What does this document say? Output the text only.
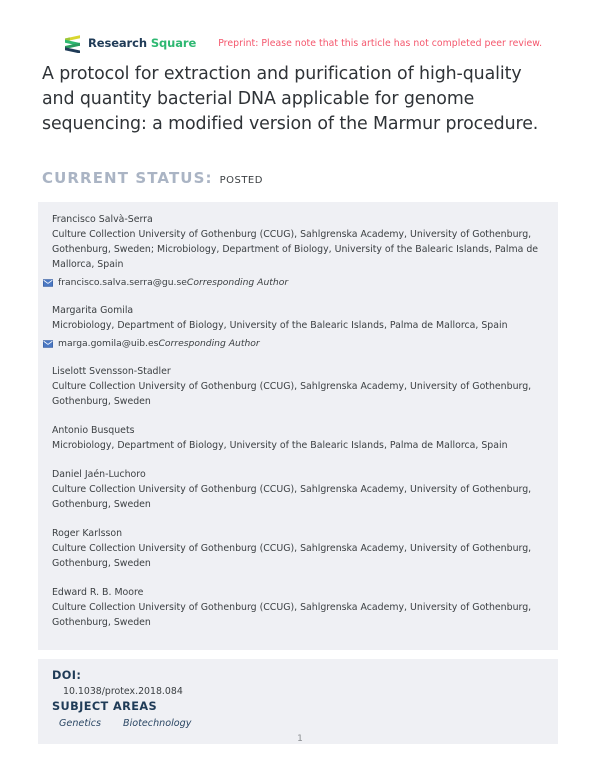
Research Square Preprint: Please note that this article has not completed peer review.
A protocol for extraction and purification of high-quality and quantity bacterial DNA applicable for genome sequencing: a modified version of the Marmur procedure.
CURRENT STATUS: POSTED
Francisco Salvà-Serra
Culture Collection University of Gothenburg (CCUG), Sahlgrenska Academy, University of Gothenburg, Gothenburg, Sweden; Microbiology, Department of Biology, University of the Balearic Islands, Palma de Mallorca, Spain
francisco.salva.serra@gu.seCorresponding Author
Margarita Gomila
Microbiology, Department of Biology, University of the Balearic Islands, Palma de Mallorca, Spain
marga.gomila@uib.esCorresponding Author
Liselott Svensson-Stadler
Culture Collection University of Gothenburg (CCUG), Sahlgrenska Academy, University of Gothenburg, Gothenburg, Sweden
Antonio Busquets
Microbiology, Department of Biology, University of the Balearic Islands, Palma de Mallorca, Spain
Daniel Jaén-Luchoro
Culture Collection University of Gothenburg (CCUG), Sahlgrenska Academy, University of Gothenburg, Gothenburg, Sweden
Roger Karlsson
Culture Collection University of Gothenburg (CCUG), Sahlgrenska Academy, University of Gothenburg, Gothenburg, Sweden
Edward R. B. Moore
Culture Collection University of Gothenburg (CCUG), Sahlgrenska Academy, University of Gothenburg, Gothenburg, Sweden
DOI:
10.1038/protex.2018.084
SUBJECT AREAS
Genetics Biotechnology
1
